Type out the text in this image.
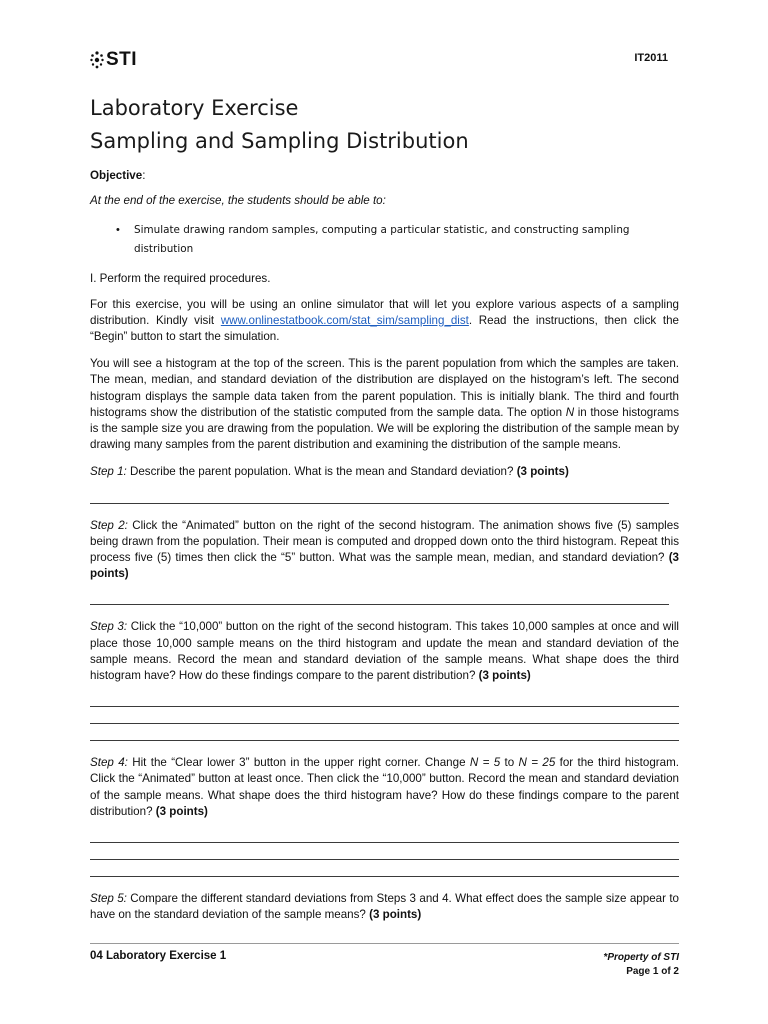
STI	IT2011
Laboratory Exercise
Sampling and Sampling Distribution

Objective:

At the end of the exercise, the students should be able to:

•	Simulate drawing random samples, computing a particular statistic, and constructing sampling distribution

I. Perform the required procedures.

For this exercise, you will be using an online simulator that will let you explore various aspects of a sampling distribution. Kindly visit www.onlinestatbook.com/stat_sim/sampling_dist. Read the instructions, then click the “Begin” button to start the simulation.

You will see a histogram at the top of the screen. This is the parent population from which the samples are taken. The mean, median, and standard deviation of the distribution are displayed on the histogram’s left. The second histogram displays the sample data taken from the parent population. This is initially blank. The third and fourth histograms show the distribution of the statistic computed from the sample data. The option N in those histograms is the sample size you are drawing from the population. We will be exploring the distribution of the sample mean by drawing many samples from the parent distribution and examining the distribution of the sample means.

Step 1: Describe the parent population. What is the mean and Standard deviation? (3 points)

Step 2: Click the “Animated” button on the right of the second histogram. The animation shows five (5) samples being drawn from the population. Their mean is computed and dropped down onto the third histogram. Repeat this process five (5) times then click the “5” button. What was the sample mean, median, and standard deviation? (3 points)

Step 3: Click the “10,000” button on the right of the second histogram. This takes 10,000 samples at once and will place those 10,000 sample means on the third histogram and update the mean and standard deviation of the sample means. Record the mean and standard deviation of the sample means. What shape does the third histogram have? How do these findings compare to the parent distribution? (3 points)

Step 4: Hit the “Clear lower 3” button in the upper right corner. Change N = 5 to N = 25 for the third histogram. Click the “Animated” button at least once. Then click the “10,000” button. Record the mean and standard deviation of the sample means. What shape does the third histogram have? How do these findings compare to the parent distribution? (3 points)

Step 5: Compare the different standard deviations from Steps 3 and 4. What effect does the sample size appear to have on the standard deviation of the sample means? (3 points)

04 Laboratory Exercise 1	*Property of STI
Page 1 of 2
